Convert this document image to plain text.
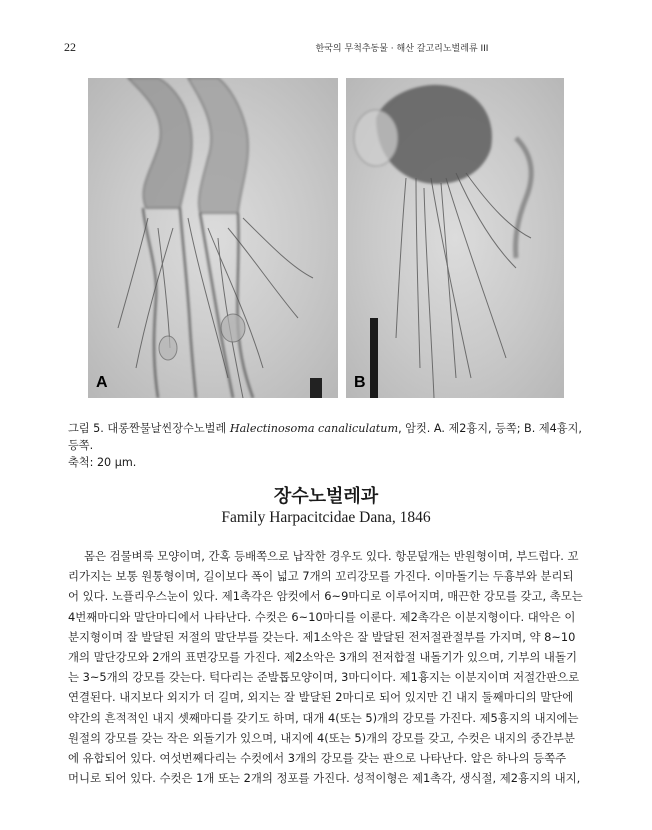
22	한국의 무척추동물 · 해산 갈고리노벌레류 III
A	B
그림 5. 대롱짠물날씬장수노벌레 Halectinosoma canaliculatum, 암컷. A. 제2흉지, 등쪽; B. 제4흉지, 등쪽.
축척: 20 μm.
장수노벌레과
Family Harpacitcidae Dana, 1846
몸은 검물벼룩 모양이며, 간혹 등배쪽으로 납작한 경우도 있다. 항문덮개는 반원형이며, 부드럽다. 꼬
리가지는 보통 원통형이며, 길이보다 폭이 넓고 7개의 꼬리강모를 가진다. 이마돌기는 두흉부와 분리되
어 있다. 노플리우스눈이 있다. 제1촉각은 암컷에서 6~9마디로 이루어지며, 매끈한 강모를 갖고, 촉모는
4번째마디와 말단마디에서 나타난다. 수컷은 6~10마디를 이룬다. 제2촉각은 이분지형이다. 대악은 이
분지형이며 잘 발달된 저절의 말단부를 갖는다. 제1소악은 잘 발달된 전저절관절부를 가지며, 약 8~10
개의 말단강모와 2개의 표면강모를 가진다. 제2소악은 3개의 전저합절 내돌기가 있으며, 기부의 내돌기
는 3~5개의 강모를 갖는다. 턱다리는 준발톱모양이며, 3마디이다. 제1흉지는 이분지이며 저절간판으로
연결된다. 내지보다 외지가 더 길며, 외지는 잘 발달된 2마디로 되어 있지만 긴 내지 둘째마디의 말단에
약간의 흔적적인 내지 셋째마디를 갖기도 하며, 대개 4(또는 5)개의 강모를 가진다. 제5흉지의 내지에는
원절의 강모를 갖는 작은 외돌기가 있으며, 내지에 4(또는 5)개의 강모를 갖고, 수컷은 내지의 중간부분
에 유합되어 있다. 여섯번째다리는 수컷에서 3개의 강모를 갖는 판으로 나타난다. 알은 하나의 등쪽주
머니로 되어 있다. 수컷은 1개 또는 2개의 정포를 가진다. 성적이형은 제1촉각, 생식절, 제2흉지의 내지,
